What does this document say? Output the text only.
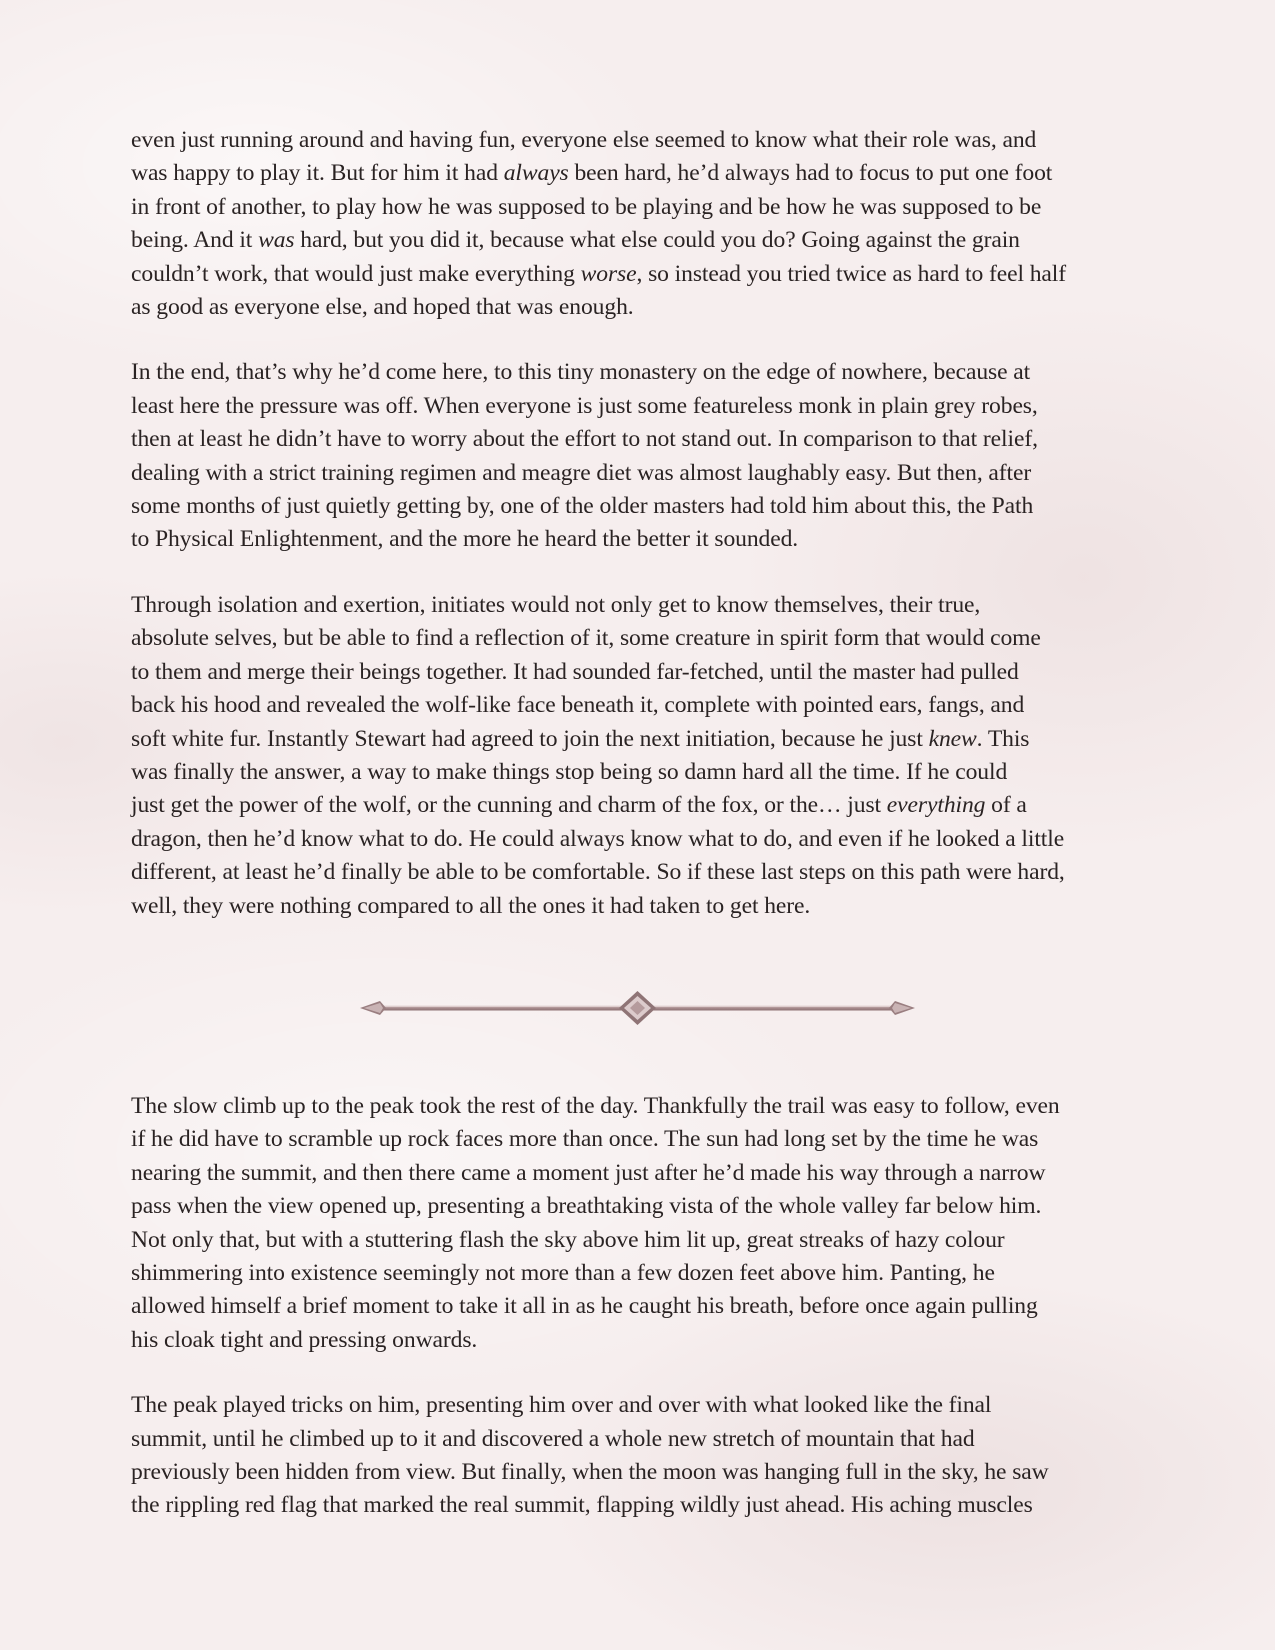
even just running around and having fun, everyone else seemed to know what their role was, and
was happy to play it. But for him it had always been hard, he’d always had to focus to put one foot
in front of another, to play how he was supposed to be playing and be how he was supposed to be
being. And it was hard, but you did it, because what else could you do? Going against the grain
couldn’t work, that would just make everything worse, so instead you tried twice as hard to feel half
as good as everyone else, and hoped that was enough.
In the end, that’s why he’d come here, to this tiny monastery on the edge of nowhere, because at
least here the pressure was off. When everyone is just some featureless monk in plain grey robes,
then at least he didn’t have to worry about the effort to not stand out. In comparison to that relief,
dealing with a strict training regimen and meagre diet was almost laughably easy. But then, after
some months of just quietly getting by, one of the older masters had told him about this, the Path
to Physical Enlightenment, and the more he heard the better it sounded.
Through isolation and exertion, initiates would not only get to know themselves, their true,
absolute selves, but be able to find a reflection of it, some creature in spirit form that would come
to them and merge their beings together. It had sounded far-fetched, until the master had pulled
back his hood and revealed the wolf-like face beneath it, complete with pointed ears, fangs, and
soft white fur. Instantly Stewart had agreed to join the next initiation, because he just knew. This
was finally the answer, a way to make things stop being so damn hard all the time. If he could
just get the power of the wolf, or the cunning and charm of the fox, or the… just everything of a
dragon, then he’d know what to do. He could always know what to do, and even if he looked a little
different, at least he’d finally be able to be comfortable. So if these last steps on this path were hard,
well, they were nothing compared to all the ones it had taken to get here.
The slow climb up to the peak took the rest of the day. Thankfully the trail was easy to follow, even
if he did have to scramble up rock faces more than once. The sun had long set by the time he was
nearing the summit, and then there came a moment just after he’d made his way through a narrow
pass when the view opened up, presenting a breathtaking vista of the whole valley far below him.
Not only that, but with a stuttering flash the sky above him lit up, great streaks of hazy colour
shimmering into existence seemingly not more than a few dozen feet above him. Panting, he
allowed himself a brief moment to take it all in as he caught his breath, before once again pulling
his cloak tight and pressing onwards.
The peak played tricks on him, presenting him over and over with what looked like the final
summit, until he climbed up to it and discovered a whole new stretch of mountain that had
previously been hidden from view. But finally, when the moon was hanging full in the sky, he saw
the rippling red flag that marked the real summit, flapping wildly just ahead. His aching muscles
